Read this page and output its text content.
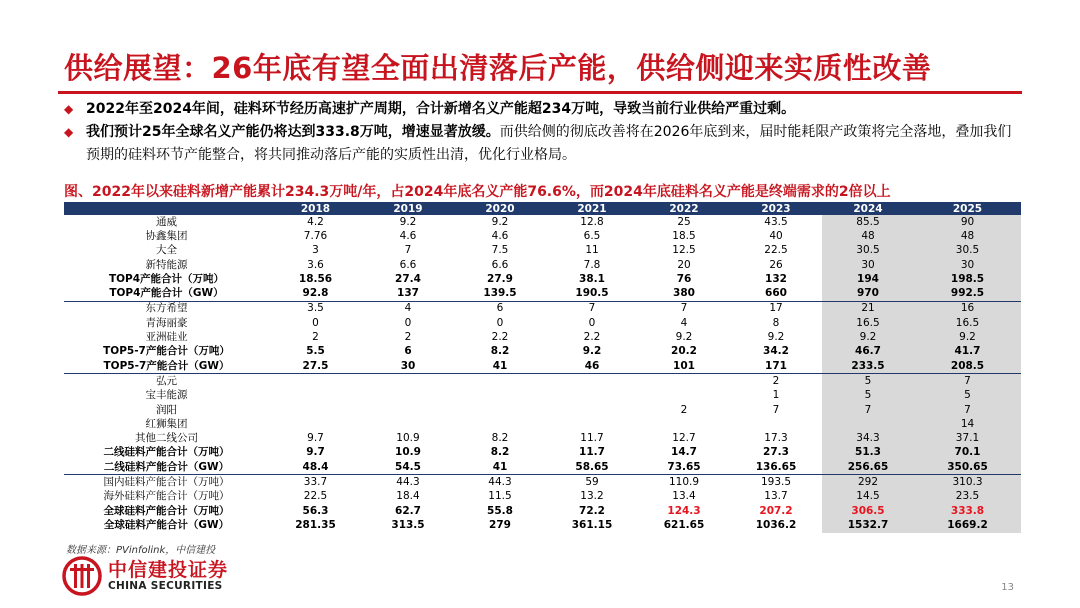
供给展望：26年底有望全面出清落后产能，供给侧迎来实质性改善
◆ 2022年至2024年间，硅料环节经历高速扩产周期，合计新增名义产能超234万吨，导致当前行业供给严重过剩。
◆ 我们预计25年全球名义产能仍将达到333.8万吨，增速显著放缓。而供给侧的彻底改善将在2026年底到来，届时能耗限产政策将完全落地，叠加我们预期的硅料环节产能整合，将共同推动落后产能的实质性出清，优化行业格局。
图、2022年以来硅料新增产能累计234.3万吨/年，占2024年底名义产能76.6%，而2024年底硅料名义产能是终端需求的2倍以上
	2018	2019	2020	2021	2022	2023	2024	2025
通威	4.2	9.2	9.2	12.8	25	43.5	85.5	90
协鑫集团	7.76	4.6	4.6	6.5	18.5	40	48	48
大全	3	7	7.5	11	12.5	22.5	30.5	30.5
新特能源	3.6	6.6	6.6	7.8	20	26	30	30
TOP4产能合计（万吨）	18.56	27.4	27.9	38.1	76	132	194	198.5
TOP4产能合计（GW）	92.8	137	139.5	190.5	380	660	970	992.5
东方希望	3.5	4	6	7	7	17	21	16
青海丽豪	0	0	0	0	4	8	16.5	16.5
亚洲硅业	2	2	2.2	2.2	9.2	9.2	9.2	9.2
TOP5-7产能合计（万吨）	5.5	6	8.2	9.2	20.2	34.2	46.7	41.7
TOP5-7产能合计（GW）	27.5	30	41	46	101	171	233.5	208.5
弘元						2	5	7
宝丰能源						1	5	5
润阳					2	7	7	7
红狮集团								14
其他二线公司	9.7	10.9	8.2	11.7	12.7	17.3	34.3	37.1
二线硅料产能合计（万吨）	9.7	10.9	8.2	11.7	14.7	27.3	51.3	70.1
二线硅料产能合计（GW）	48.4	54.5	41	58.65	73.65	136.65	256.65	350.65
国内硅料产能合计（万吨）	33.7	44.3	44.3	59	110.9	193.5	292	310.3
海外硅料产能合计（万吨）	22.5	18.4	11.5	13.2	13.4	13.7	14.5	23.5
全球硅料产能合计（万吨）	56.3	62.7	55.8	72.2	124.3	207.2	306.5	333.8
全球硅料产能合计（GW）	281.35	313.5	279	361.15	621.65	1036.2	1532.7	1669.2
数据来源：PVinfolink，中信建投
中信建投证券
CHINA SECURITIES	13
